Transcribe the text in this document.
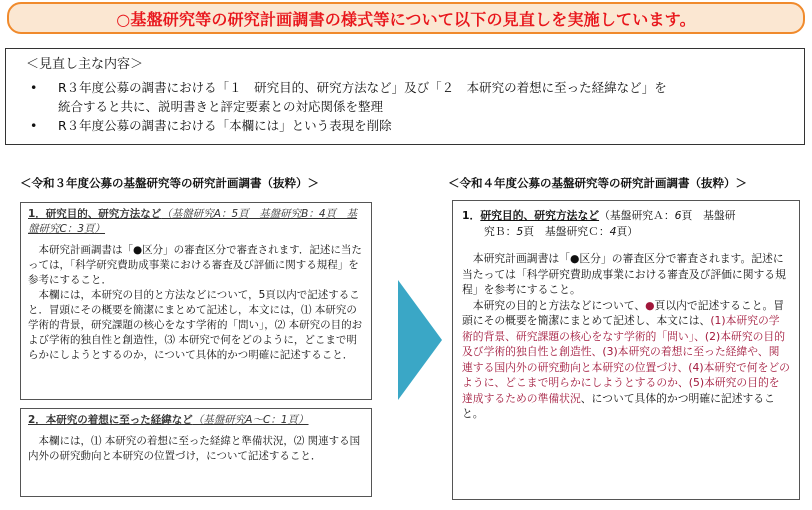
○基盤研究等の研究計画調書の様式等について以下の見直しを実施しています。
＜見直し主な内容＞
• R３年度公募の調書における「１　研究目的、研究方法など」及び「２　本研究の着想に至った経緯など」を
統合すると共に、説明書きと評定要素との対応関係を整理
• R３年度公募の調書における「本欄には」という表現を削除
＜令和３年度公募の基盤研究等の研究計画調書（抜粋）＞	＜令和４年度公募の基盤研究等の研究計画調書（抜粋）＞
1．研究目的、研究方法など（基盤研究A：5頁　基盤研究B：4頁　基盤研究C：3頁）
　本研究計画調書は「●区分」の審査区分で審査されます．記述に当たっては，「科学研究費助成事業における審査及び評価に関する規程」を参考にすること．
　本欄には，本研究の目的と方法などについて，5頁以内で記述すること．冒頭にその概要を簡潔にまとめて記述し，本文には，⑴ 本研究の学術的背景，研究課題の核心をなす学術的「問い」，⑵ 本研究の目的および学術的独自性と創造性，⑶ 本研究で何をどのように，どこまで明らかにしようとするのか，について具体的かつ明確に記述すること．
2．本研究の着想に至った経緯など（基盤研究A～C：1頁）
　本欄には，⑴ 本研究の着想に至った経緯と準備状況，⑵ 関連する国内外の研究動向と本研究の位置づけ，について記述すること．
1．研究目的、研究方法など（基盤研究Ａ：6頁　基盤研
究Ｂ：5頁　基盤研究Ｃ：4頁）
　本研究計画調書は「●区分」の審査区分で審査されます。記述に当たっては「科学研究費助成事業における審査及び評価に関する規程」を参考にすること。
　本研究の目的と方法などについて、●頁以内で記述すること。冒頭にその概要を簡潔にまとめて記述し、本文には、(1)本研究の学術的背景、研究課題の核心をなす学術的「問い」、(2)本研究の目的及び学術的独自性と創造性、(3)本研究の着想に至った経緯や、関連する国内外の研究動向と本研究の位置づけ、(4)本研究で何をどのように、どこまで明らかにしようとするのか、(5)本研究の目的を達成するための準備状況、について具体的かつ明確に記述すること。
